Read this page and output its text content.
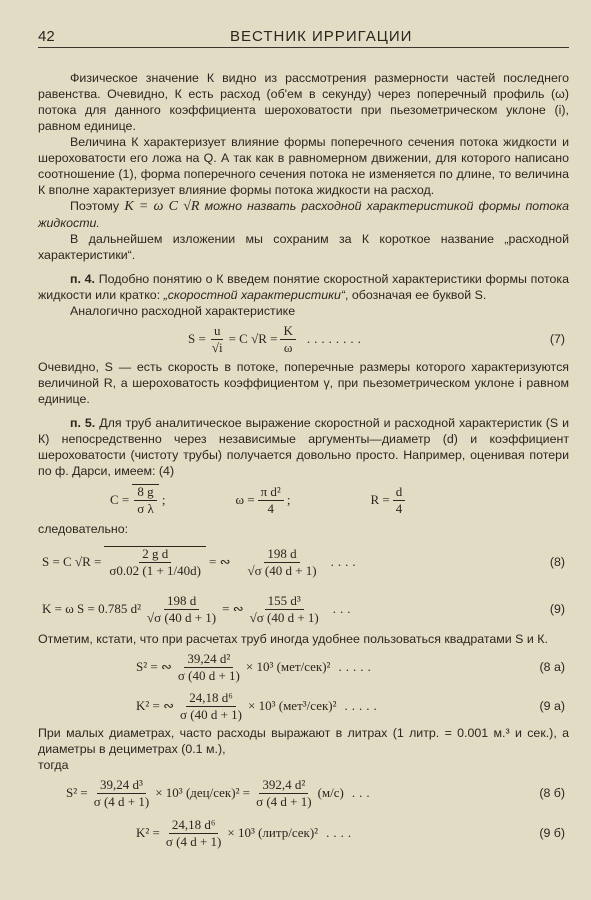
42	ВЕСТНИК ИРРИГАЦИИ

Физическое значение К видно из рассмотрения размерности частей последнего равенства. Очевидно, К есть расход (об'ем в секунду) через поперечный профиль (ω) потока для данного коэффициента шероховатости при пьезометрическом уклоне (i), равном единице.

Величина К характеризует влияние формы поперечного сечения потока жидкости и шероховатости его ложа на Q. А так как в равномерном движении, для которого написано соотношение (1), форма поперечного сечения потока не изменяется по длине, то величина К вполне характеризует влияние формы потока жидкости на расход.

Поэтому K = ω C √R можно назвать расходной характеристикой формы потока жидкости.

В дальнейшем изложении мы сохраним за К короткое название „расходной характеристики“.

п. 4. Подобно понятию о К введем понятие скоростной характеристики формы потока жидкости или кратко: „скоростной характеристики“, обозначая ее буквой S.

Аналогично расходной характеристике

$S = \frac{u}{√i} = C$ $√R = \frac{K}{\omega}$ ........	(7)

Очевидно, S — есть скорость в потоке, поперечные размеры которого характеризуются величиной R, а шероховатость коэффициентом γ, при пьезометрическом уклоне i равном единице.

п. 5. Для труб аналитическое выражение скоростной и расходной характеристик (S и К) непосредственно через независимые аргументы—диаметр (d) и коэффициент шероховатости (чистоту трубы) получается довольно просто. Например, оценивая потери по ф. Дарси, имеем: (4)

$C = \frac{8 g}{\text{σ λ}}$ ;	$\omega = \frac{\text{π d²}}{4}$ ;	$R = \frac{d}{4}$

следовательно:

S = C $√R = \frac{\text{2 g d}}{\sigma 0.02 (1 + 1/40d)}$ = ∾ $\frac{198 d}{√\sigma (40 d + 1)}$ ....	(8)
K = ω S = 0.785 $d^2 \frac{198 d}{√\sigma (40 d + 1)}$ = ∾ $\frac{\text{155 d³}}{√\sigma (40 d + 1)}$ ...	(9)

Отметим, кстати, что при расчетах труб иногда удобнее пользоваться квадратами S и К.

S² = ∾ $\frac{\text{39,24 d²}}{\sigma (40 d + 1)} \times 10^3$ (мет/сек)² .....	(8 а)
K² = ∾ $\frac{\text{24,18 d⁶}}{\sigma (40 d + 1)} \times 10^3$ (мет³/сек)² .....	(9 а)

При малых диаметрах, часто расходы выражают в литрах (1 литр. = 0.001 м.³ и сек.), а диаметры в дециметрах (0.1 м.),

тогда

$S^2 = \frac{\text{39,24 d³}}{\sigma (4 d + 1)} \times 10^3$ $(дец/сек)^2 = \frac{\text{392,4 d²}}{\sigma (4 d + 1)} (м/с)$ ...	(8 б)
$K^2 = \frac{\text{24,18 d⁶}}{\sigma (4 d + 1)} \times 10^3$ (литр/сек)² ....	(9 б)
